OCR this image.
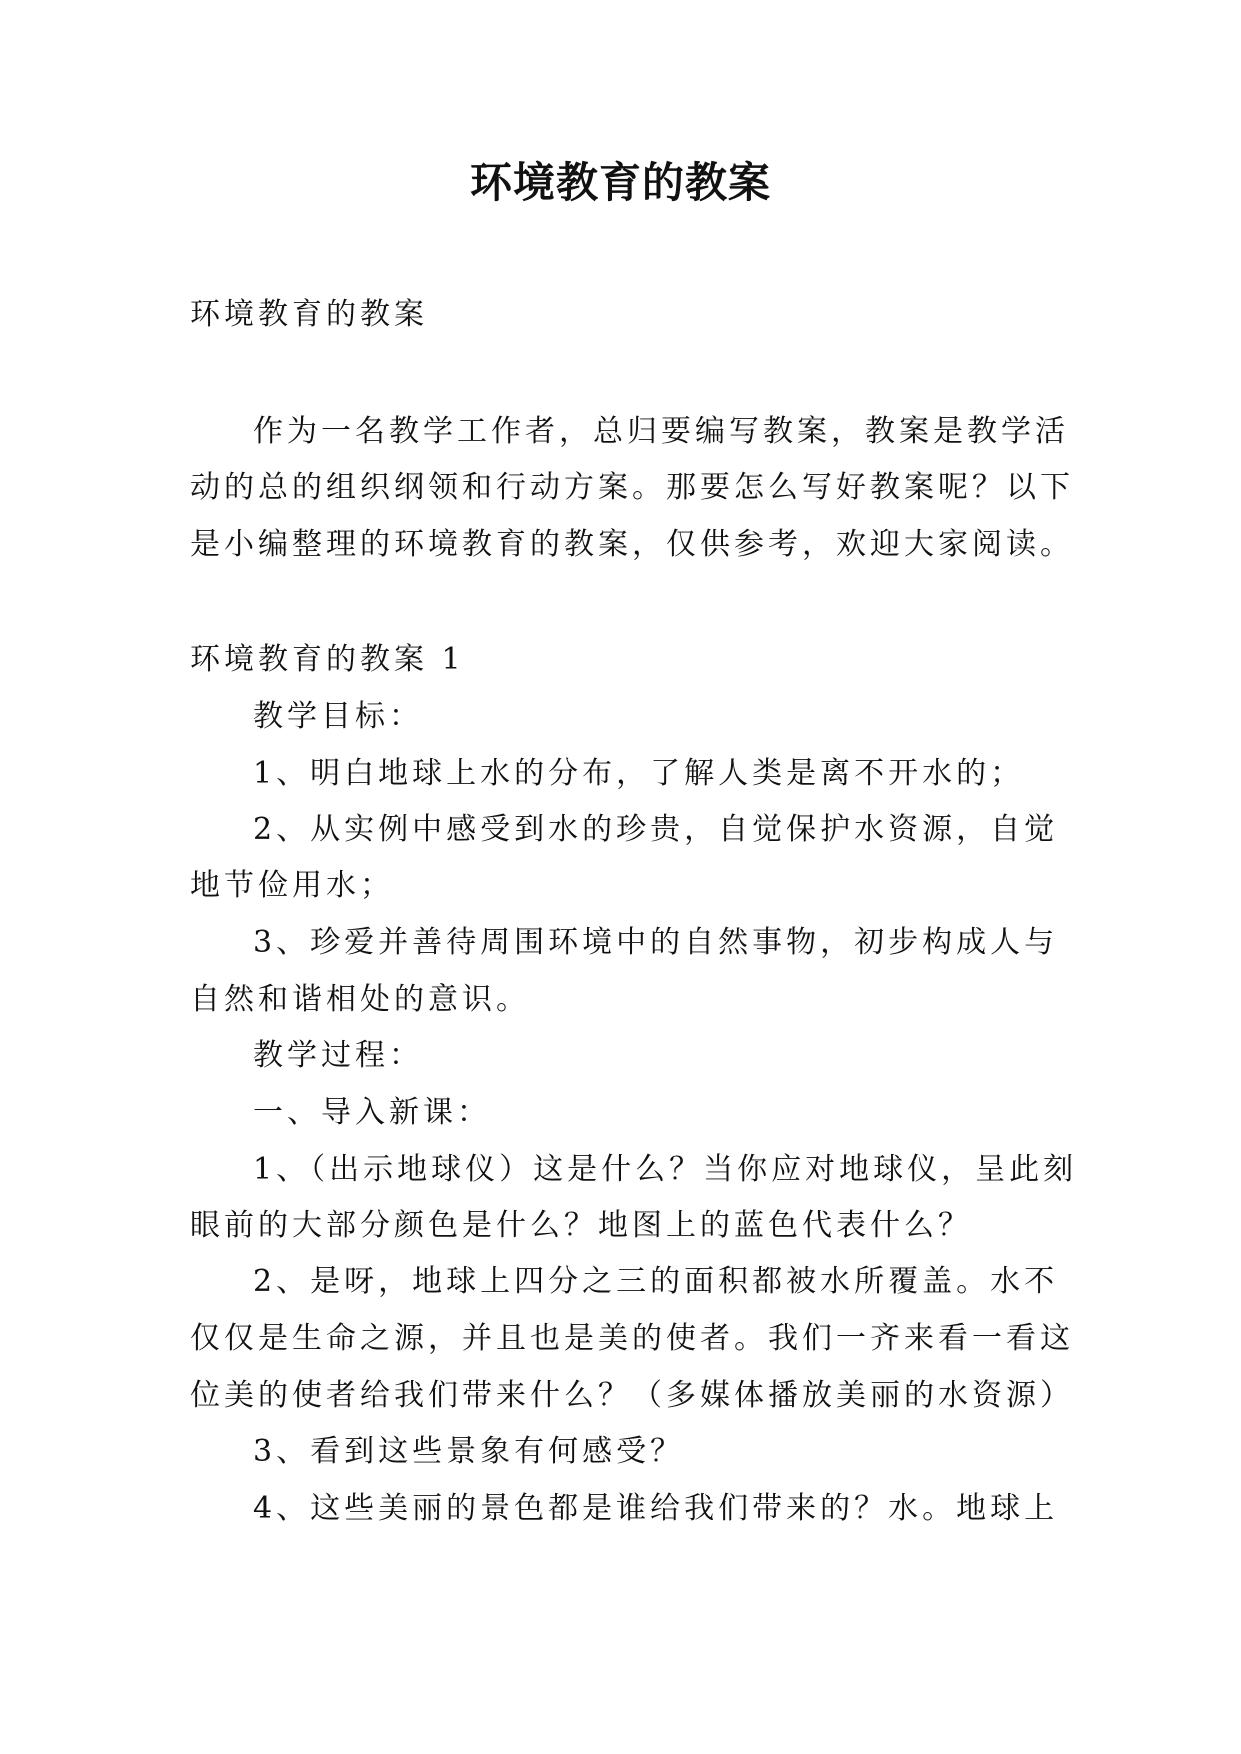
环境教育的教案
环境教育的教案
作为一名教学工作者，总归要编写教案，教案是教学活
动的总的组织纲领和行动方案。那要怎么写好教案呢？以下
是小编整理的环境教育的教案，仅供参考，欢迎大家阅读。
环境教育的教案 1
教学目标：
1、明白地球上水的分布，了解人类是离不开水的；
2、从实例中感受到水的珍贵，自觉保护水资源，自觉
地节俭用水；
3、珍爱并善待周围环境中的自然事物，初步构成人与
自然和谐相处的意识。
教学过程：
一、导入新课：
1、（出示地球仪）这是什么？当你应对地球仪，呈此刻
眼前的大部分颜色是什么？地图上的蓝色代表什么？
2、是呀，地球上四分之三的面积都被水所覆盖。水不
仅仅是生命之源，并且也是美的使者。我们一齐来看一看这
位美的使者给我们带来什么？（多媒体播放美丽的水资源）
3、看到这些景象有何感受？
4、这些美丽的景色都是谁给我们带来的？水。地球上
